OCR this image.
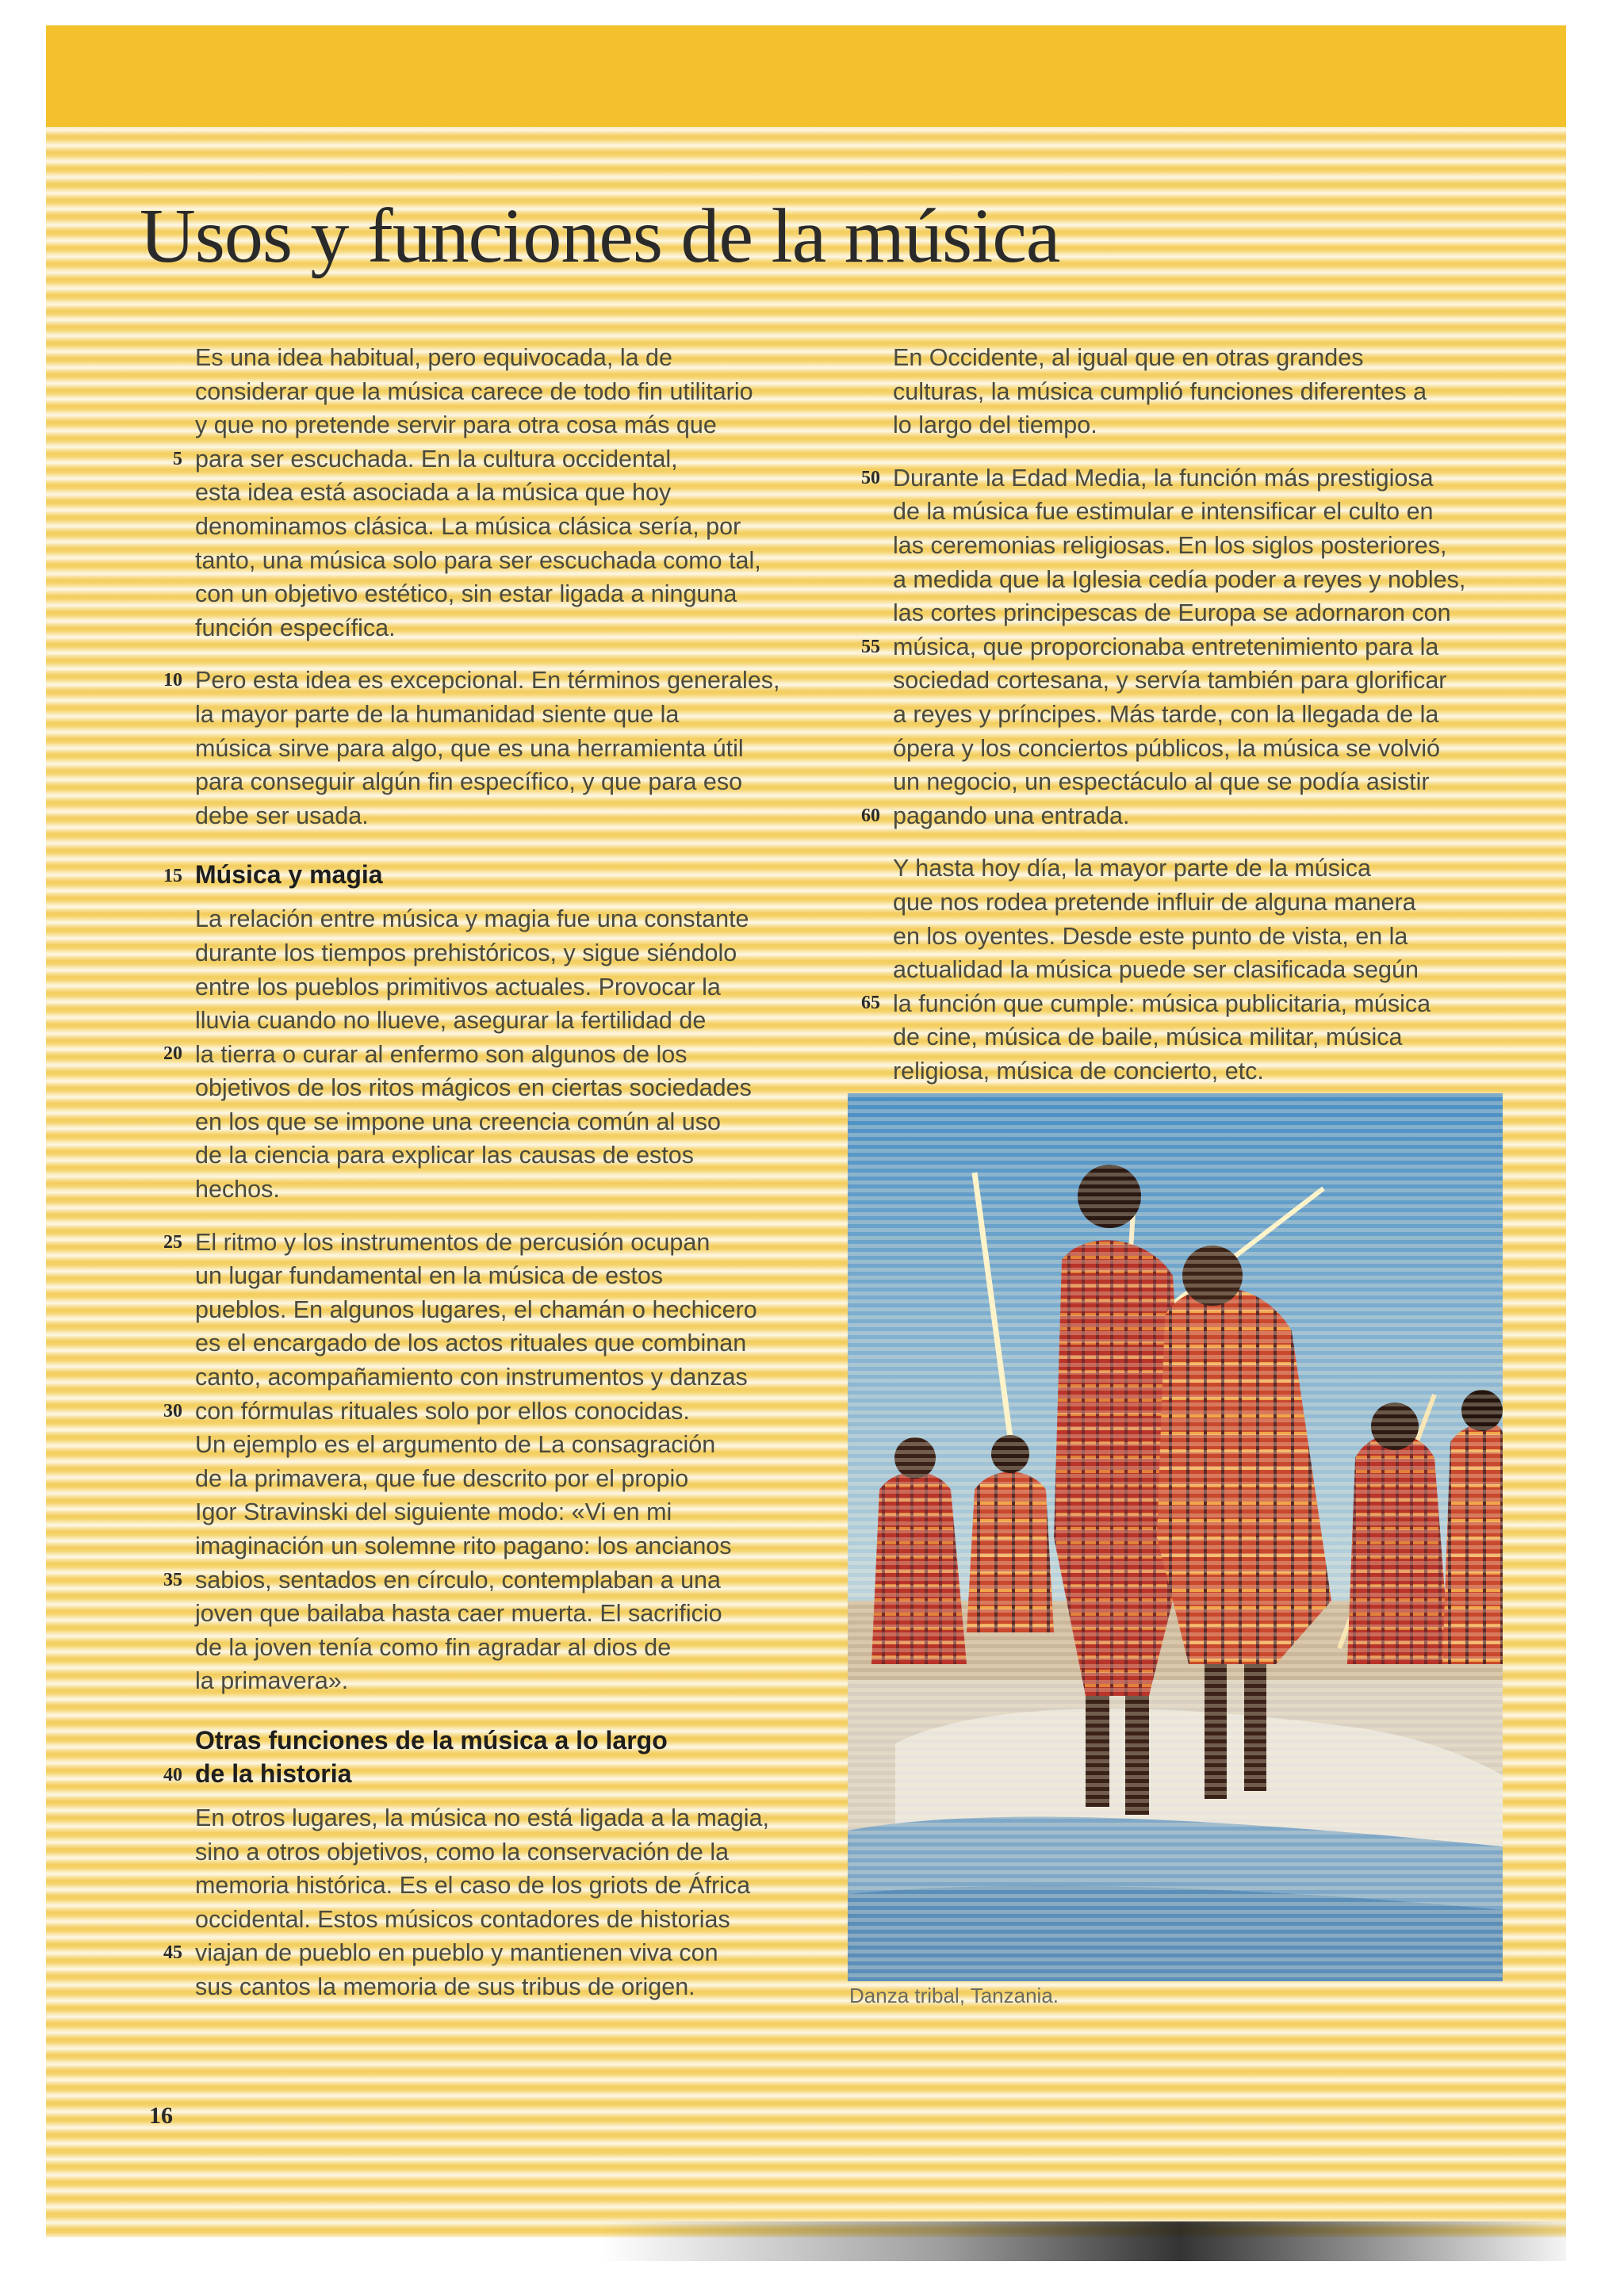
Usos y funciones de la música

5
Es una idea habitual, pero equivocada, la de
considerar que la música carece de todo fin utilitario
y que no pretende servir para otra cosa más que
para ser escuchada. En la cultura occidental,
esta idea está asociada a la música que hoy
denominamos clásica. La música clásica sería, por
tanto, una música solo para ser escuchada como tal,
con un objetivo estético, sin estar ligada a ninguna
función específica.

10 Pero esta idea es excepcional. En términos generales,
la mayor parte de la humanidad siente que la
música sirve para algo, que es una herramienta útil
para conseguir algún fin específico, y que para eso
debe ser usada.

15 Música y magia

20
La relación entre música y magia fue una constante
durante los tiempos prehistóricos, y sigue siéndolo
entre los pueblos primitivos actuales. Provocar la
lluvia cuando no llueve, asegurar la fertilidad de
la tierra o curar al enfermo son algunos de los
objetivos de los ritos mágicos en ciertas sociedades
en los que se impone una creencia común al uso
de la ciencia para explicar las causas de estos
hechos.

25
30
35
El ritmo y los instrumentos de percusión ocupan
un lugar fundamental en la música de estos
pueblos. En algunos lugares, el chamán o hechicero
es el encargado de los actos rituales que combinan
canto, acompañamiento con instrumentos y danzas
con fórmulas rituales solo por ellos conocidas.
Un ejemplo es el argumento de La consagración
de la primavera, que fue descrito por el propio
Igor Stravinski del siguiente modo: «Vi en mi
imaginación un solemne rito pagano: los ancianos
sabios, sentados en círculo, contemplaban a una
joven que bailaba hasta caer muerta. El sacrificio
de la joven tenía como fin agradar al dios de
la primavera».

40
Otras funciones de la música a lo largo
de la historia

45
En otros lugares, la música no está ligada a la magia,
sino a otros objetivos, como la conservación de la
memoria histórica. Es el caso de los griots de África
occidental. Estos músicos contadores de historias
viajan de pueblo en pueblo y mantienen viva con
sus cantos la memoria de sus tribus de origen.

En Occidente, al igual que en otras grandes
culturas, la música cumplió funciones diferentes a
lo largo del tiempo.

50
55
60
Durante la Edad Media, la función más prestigiosa
de la música fue estimular e intensificar el culto en
las ceremonias religiosas. En los siglos posteriores,
a medida que la Iglesia cedía poder a reyes y nobles,
las cortes principescas de Europa se adornaron con
música, que proporcionaba entretenimiento para la
sociedad cortesana, y servía también para glorificar
a reyes y príncipes. Más tarde, con la llegada de la
ópera y los conciertos públicos, la música se volvió
un negocio, un espectáculo al que se podía asistir
pagando una entrada.

65
Y hasta hoy día, la mayor parte de la música
que nos rodea pretende influir de alguna manera
en los oyentes. Desde este punto de vista, en la
actualidad la música puede ser clasificada según
la función que cumple: música publicitaria, música
de cine, música de baile, música militar, música
religiosa, música de concierto, etc.

Danza tribal, Tanzania.
16
